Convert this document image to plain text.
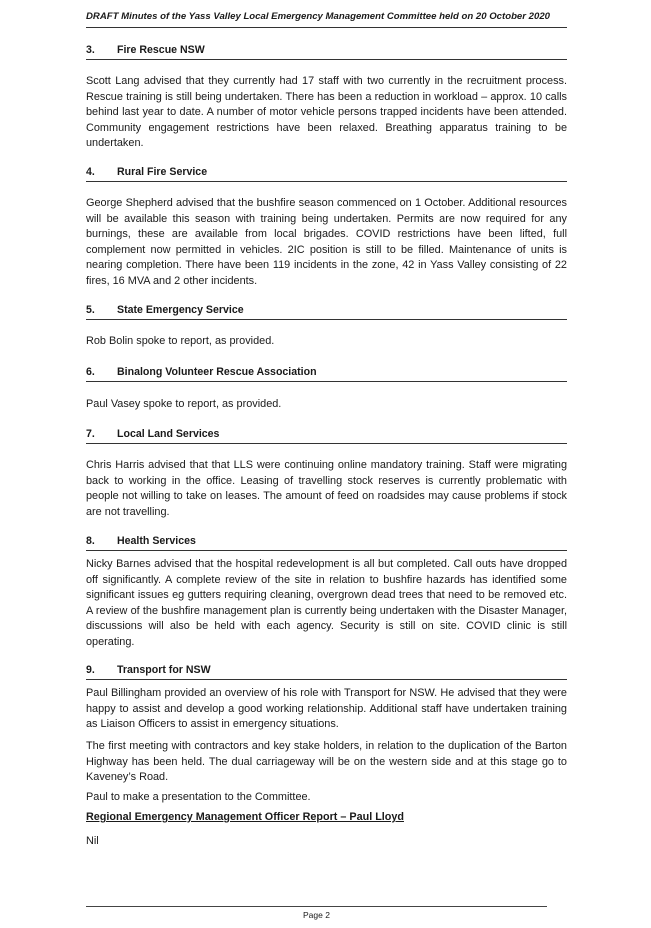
DRAFT Minutes of the Yass Valley Local Emergency Management Committee held on 20 October 2020
3. Fire Rescue NSW
Scott Lang advised that they currently had 17 staff with two currently in the recruitment process. Rescue training is still being undertaken. There has been a reduction in workload – approx. 10 calls behind last year to date. A number of motor vehicle persons trapped incidents have been attended. Community engagement restrictions have been relaxed. Breathing apparatus training to be undertaken.
4. Rural Fire Service
George Shepherd advised that the bushfire season commenced on 1 October. Additional resources will be available this season with training being undertaken. Permits are now required for any burnings, these are available from local brigades. COVID restrictions have been lifted, full complement now permitted in vehicles. 2IC position is still to be filled. Maintenance of units is nearing completion. There have been 119 incidents in the zone, 42 in Yass Valley consisting of 22 fires, 16 MVA and 2 other incidents.
5. State Emergency Service
Rob Bolin spoke to report, as provided.
6. Binalong Volunteer Rescue Association
Paul Vasey spoke to report, as provided.
7. Local Land Services
Chris Harris advised that that LLS were continuing online mandatory training. Staff were migrating back to working in the office. Leasing of travelling stock reserves is currently problematic with people not willing to take on leases. The amount of feed on roadsides may cause problems if stock are not travelling.
8. Health Services
Nicky Barnes advised that the hospital redevelopment is all but completed. Call outs have dropped off significantly. A complete review of the site in relation to bushfire hazards has identified some significant issues eg gutters requiring cleaning, overgrown dead trees that need to be removed etc. A review of the bushfire management plan is currently being undertaken with the Disaster Manager, discussions will also be held with each agency. Security is still on site. COVID clinic is still operating.
9. Transport for NSW
Paul Billingham provided an overview of his role with Transport for NSW. He advised that they were happy to assist and develop a good working relationship. Additional staff have undertaken training as Liaison Officers to assist in emergency situations.
The first meeting with contractors and key stake holders, in relation to the duplication of the Barton Highway has been held. The dual carriageway will be on the western side and at this stage go to Kaveney’s Road.
Paul to make a presentation to the Committee.
Regional Emergency Management Officer Report – Paul Lloyd
Nil
Page 2
